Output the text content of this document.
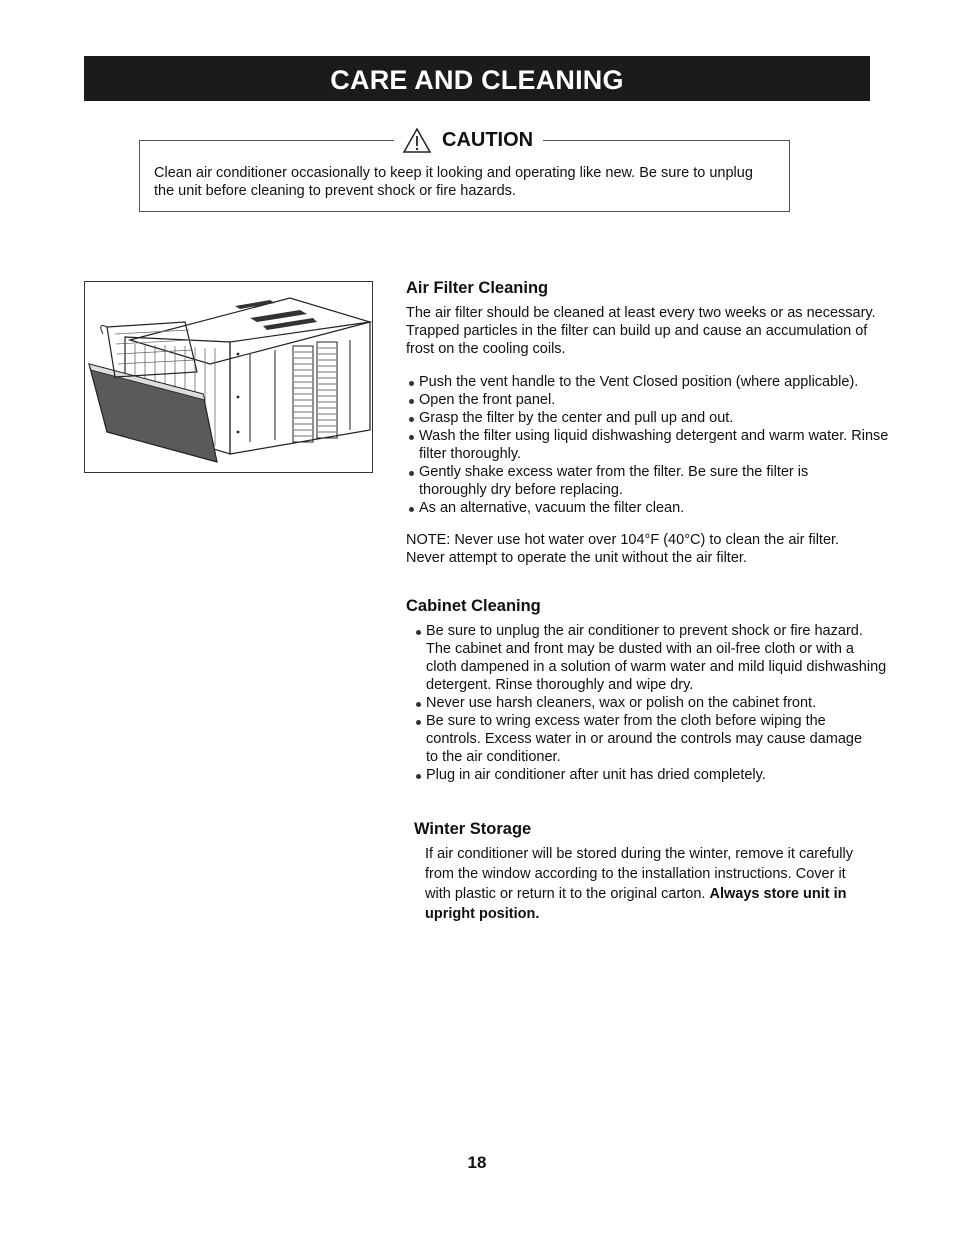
CARE AND CLEANING
CAUTION
Clean air conditioner occasionally to keep it looking and operating like new. Be sure to unplug the unit before cleaning to prevent shock or fire hazards.
Air Filter Cleaning

The air filter should be cleaned at least every two weeks or as necessary. Trapped particles in the filter can build up and cause an accumulation of frost on the cooling coils.

Push the vent handle to the Vent Closed position (where applicable).
Open the front panel.
Grasp the filter by the center and pull up and out.
Wash the filter using liquid dishwashing detergent and warm water. Rinse filter thoroughly.
Gently shake excess water from the filter. Be sure the filter is thoroughly dry before replacing.
As an alternative, vacuum the filter clean.

NOTE: Never use hot water over 104°F (40°C) to clean the air filter. Never attempt to operate the unit without the air filter.

Cabinet Cleaning
Be sure to unplug the air conditioner to prevent shock or fire hazard. The cabinet and front may be dusted with an oil-free cloth or with a cloth dampened in a solution of warm water and mild liquid dishwashing detergent. Rinse thoroughly and wipe dry.
Never use harsh cleaners, wax or polish on the cabinet front.
Be sure to wring excess water from the cloth before wiping the controls. Excess water in or around the controls may cause damage to the air conditioner.
Plug in air conditioner after unit has dried completely.
Winter Storage

If air conditioner will be stored during the winter, remove it carefully from the window according to the installation instructions. Cover it with plastic or return it to the original carton. Always store unit in upright position.

18
